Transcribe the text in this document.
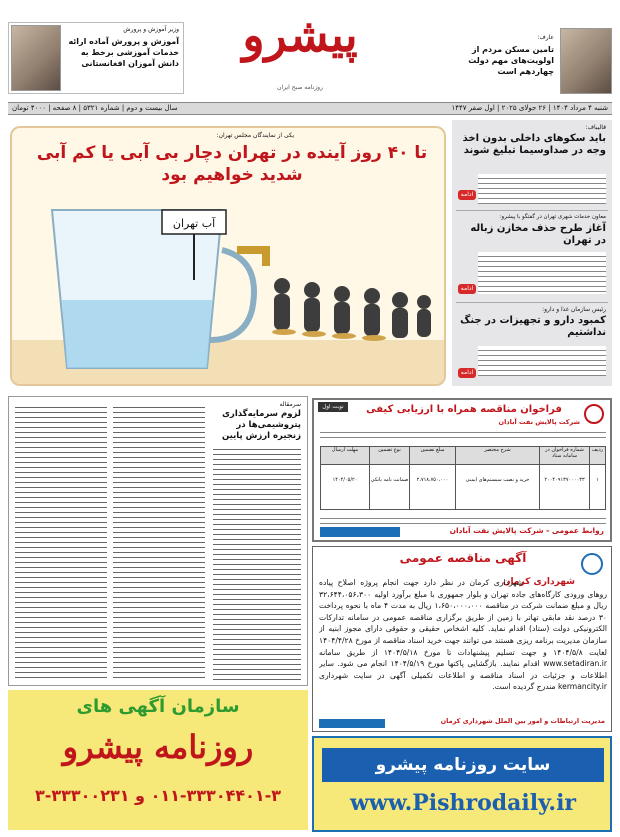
وزیر آموزش و پرورش
آموزش و پرورش آماده ارائه خدمات آموزشی برخط به دانش آموزان افغانستانی
پیشرو
روزنامه صبح ایران
عارف:
تامین مسکن مردم از اولویت‌های مهم دولت چهاردهم است
شنبه ۴ مرداد ۱۴۰۴ | ۲۶ جولای ۲۰۲۵ | اول صفر ۱۴۴۷
سال بیست و دوم | شماره ۵۳۲۱ | ۸ صفحه | ۴۰۰۰ تومان
یکی از نمایندگان مجلس تهران:
تا ۴۰ روز آینده در تهران دچار بی آبی یا کم آبی شدید خواهیم بود
آب تهران
قالیباف:
باید سکوهای داخلی بدون اخذ وجه در صداوسیما تبلیغ شوند
ادامه
معاون خدمات شهری تهران در گفتگو با پیشرو:
آغاز طرح حذف مخازن زباله در تهران
ادامه
رئیس سازمان غذا و دارو:
کمبود دارو و تجهیزات در جنگ نداشتیم
ادامه
سرمقاله
لزوم سرمایه‌گذاری پتروشیمی‌ها در زنجیره ارزش پایین
نوبت اول	فراخوان مناقصه همراه با ارزیابی کیفی
شرکت پالایش نفت آبادان
ردیف
۱
شماره فراخوان در سامانه ستاد
۲۰۰۴۰۹۱۳۷۰۰۰۰۳۳
شرح مختصر
خرید و نصب سیستم‌های ایمنی
مبلغ تضمین
۲،۷۱۸،۷۵۰،۰۰۰
نوع تضمین
ضمانت نامه بانکی
مهلت ارسال
۱۴۰۴/۰۵/۲۰
روابط عمومی - شرکت پالایش نفت آبادان
آگهی مناقصه عمومی
شهرداری کرمان
شهرداری کرمان در نظر دارد جهت انجام پروژه اصلاح پیاده روهای ورودی کارگاه‌های جاده تهران و بلوار جمهوری با مبلغ برآورد اولیه ۳۲،۶۴۴،۰۵۶،۳۰۰ ریال و مبلغ ضمانت شرکت در مناقصه ۱،۶۵۰،۰۰۰،۰۰۰ ریال به مدت ۴ ماه با نحوه پرداخت ۳۰ درصد نقد مابقی تهاتر با زمین از طریق برگزاری مناقصه عمومی در سامانه تدارکات الکترونیکی دولت (ستاد) اقدام نماید. کلیه اشخاص حقیقی و حقوقی دارای مجوز ابنیه از سازمان مدیریت برنامه ریزی هستند می توانند جهت خرید اسناد مناقصه از مورخ ۱۴۰۴/۴/۲۸ لغایت ۱۴۰۴/۵/۸ و جهت تسلیم پیشنهادات تا مورخ ۱۴۰۴/۵/۱۸ از طریق سامانه www.setadiran.ir اقدام نمایند. بازگشایی پاکتها مورخ ۱۴۰۴/۵/۱۹ انجام می شود. سایر اطلاعات و جزئیات در اسناد مناقصه و اطلاعات تکمیلی آگهی در سایت شهرداری kermancity.ir مندرج گردیده است.
مدیریت ارتباطات و امور بین الملل شهرداری کرمان
سازمان آگهی های
روزنامه پیشرو
۰۱۱-۳۳۳۰۴۴۰۱-۳ و ۳۳۳۰۰۲۳۱-۳
سایت روزنامه پیشرو
www.Pishrodaily.ir
